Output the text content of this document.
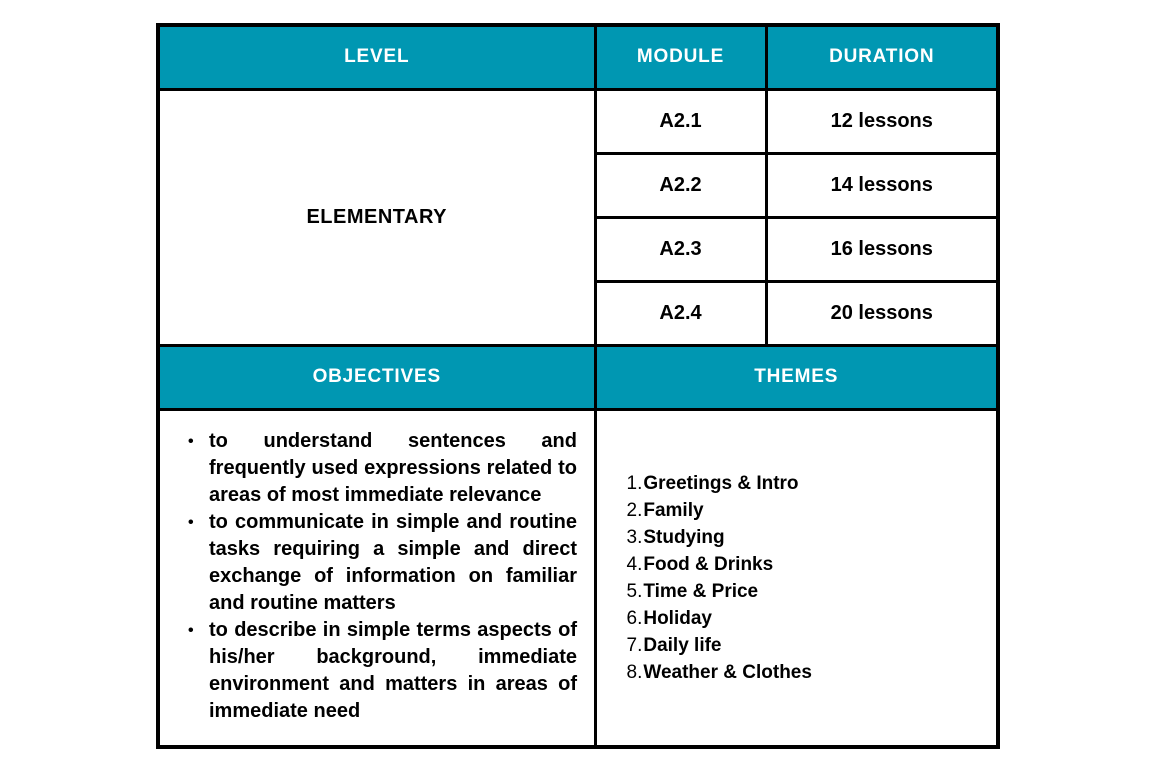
LEVEL	MODULE	DURATION
ELEMENTARY	A2.1	12 lessons
	A2.2	14 lessons
	A2.3	16 lessons
	A2.4	20 lessons
OBJECTIVES	THEMES	

• to understand sentences and frequently used expressions related to areas of most immediate relevance
• to communicate in simple and routine tasks requiring a simple and direct exchange of information on familiar and routine matters
• to describe in simple terms aspects of his/her background, immediate environment and matters in areas of immediate need

1. Greetings & Intro
2. Family
3. Studying
4. Food & Drinks
5. Time & Price
6. Holiday
7. Daily life
8. Weather & Clothes
